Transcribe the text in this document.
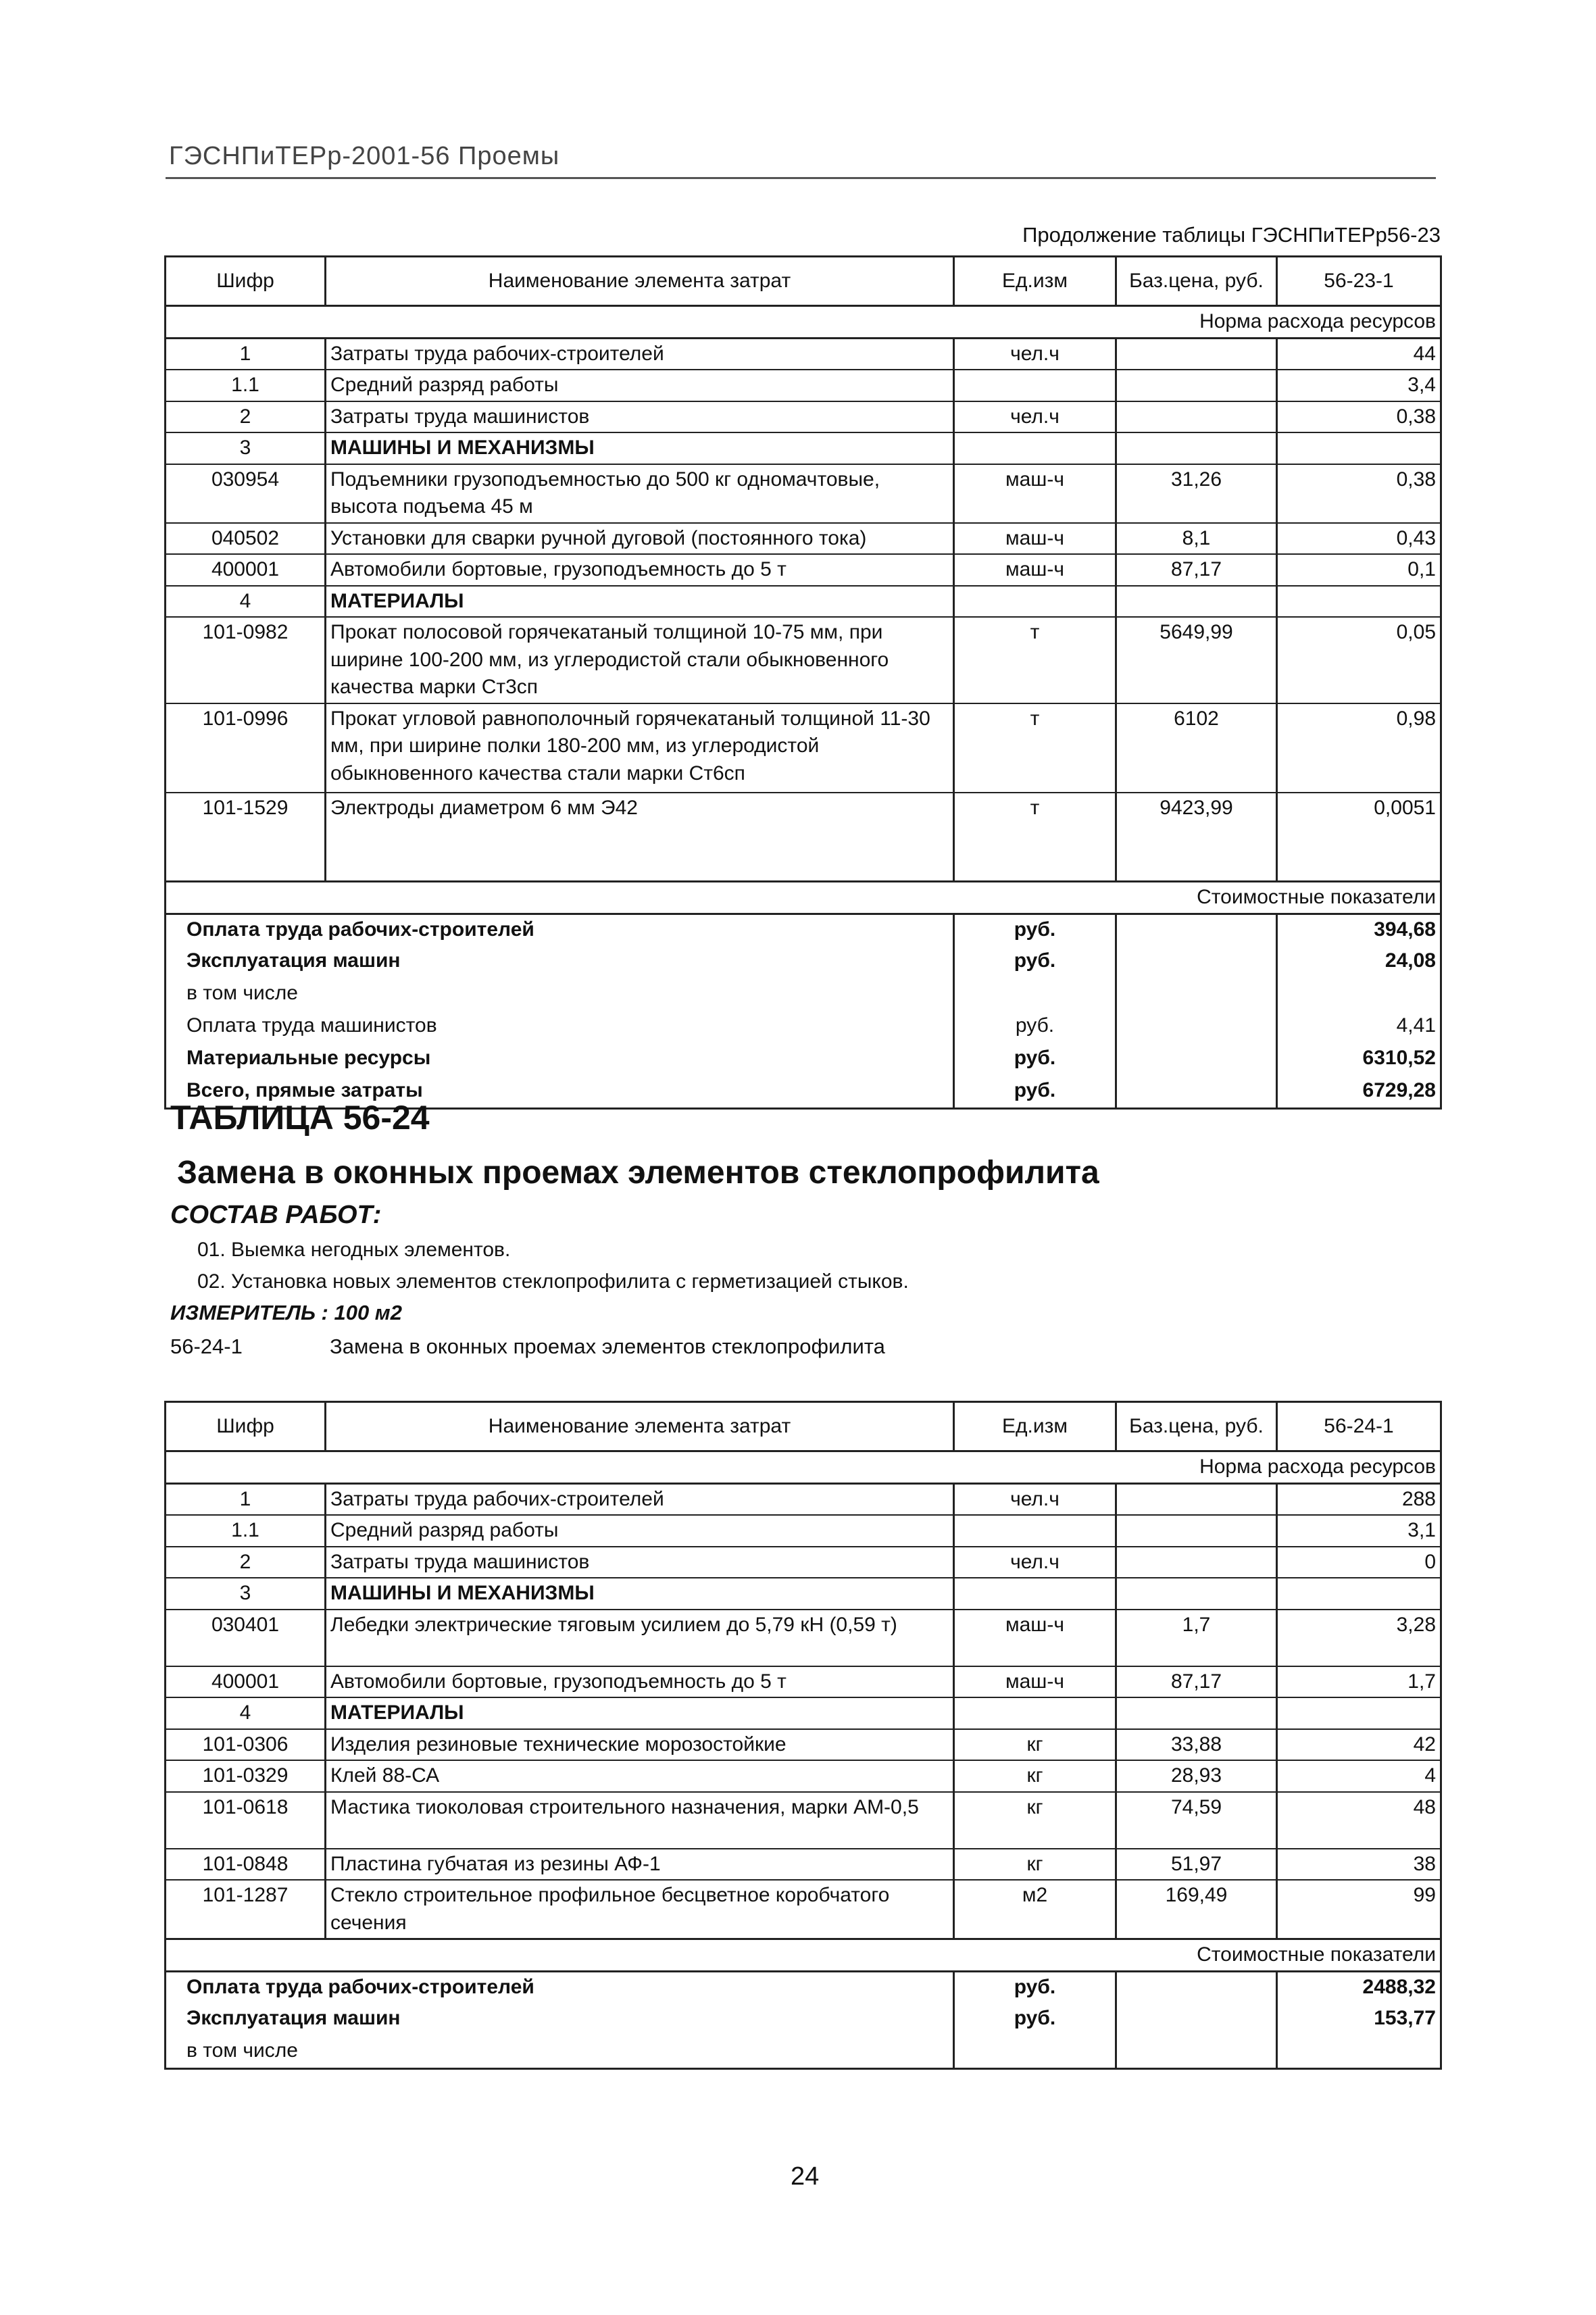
ГЭСНПиТЕРр-2001-56 Проемы
Продолжение таблицы ГЭСНПиТЕРр56-23
Шифр	Наименование элемента затрат	Ед.изм	Баз.цена, руб.	56-23-1
Норма расхода ресурсов				
1	Затраты труда рабочих-строителей	чел.ч		44
1.1	Средний разряд работы			3,4
2	Затраты труда машинистов	чел.ч		0,38
3	МАШИНЫ И МЕХАНИЗМЫ			
030954	Подъемники грузоподъемностью до 500 кг одномачтовые, высота подъема 45 м	маш-ч	31,26	0,38
040502	Установки для сварки ручной дуговой (постоянного тока)	маш-ч	8,1	0,43
400001	Автомобили бортовые, грузоподъемность до 5 т	маш-ч	87,17	0,1
4	МАТЕРИАЛЫ			
101-0982	Прокат полосовой горячекатаный толщиной 10-75 мм, при ширине 100-200 мм, из углеродистой стали обыкновенного качества марки Ст3сп	т	5649,99	0,05
101-0996	Прокат угловой равнополочный горячекатаный толщиной 11-30 мм, при ширине полки 180-200 мм, из углеродистой обыкновенного качества стали марки Ст6сп	т	6102	0,98
101-1529	Электроды диаметром 6 мм Э42	т	9423,99	0,0051
Стоимостные показатели				
Оплата труда рабочих-строителей		руб.		394,68
Эксплуатация машин		руб.		24,08
в том числе				
Оплата труда машинистов		руб.		4,41
Материальные ресурсы		руб.		6310,52
Всего, прямые затраты		руб.		6729,28
ТАБЛИЦА 56-24
Замена в оконных проемах элементов стеклопрофилита
СОСТАВ РАБОТ:
01. Выемка негодных элементов.
02. Установка новых элементов стеклопрофилита с герметизацией стыков.
ИЗМЕРИТЕЛЬ : 100 м2
56-24-1	Замена в оконных проемах элементов стеклопрофилита
Шифр	Наименование элемента затрат	Ед.изм	Баз.цена, руб.	56-24-1
Норма расхода ресурсов				
1	Затраты труда рабочих-строителей	чел.ч		288
1.1	Средний разряд работы			3,1
2	Затраты труда машинистов	чел.ч		0
3	МАШИНЫ И МЕХАНИЗМЫ			
030401	Лебедки электрические тяговым усилием до 5,79 кН (0,59 т)	маш-ч	1,7	3,28
400001	Автомобили бортовые, грузоподъемность до 5 т	маш-ч	87,17	1,7
4	МАТЕРИАЛЫ			
101-0306	Изделия резиновые технические морозостойкие	кг	33,88	42
101-0329	Клей 88-СА	кг	28,93	4
101-0618	Мастика тиоколовая строительного назначения, марки АМ-0,5	кг	74,59	48
101-0848	Пластина губчатая из резины АФ-1	кг	51,97	38
101-1287	Стекло строительное профильное бесцветное коробчатого сечения	м2	169,49	99
Стоимостные показатели				
Оплата труда рабочих-строителей		руб.		2488,32
Эксплуатация машин		руб.		153,77
в том числе				
24
